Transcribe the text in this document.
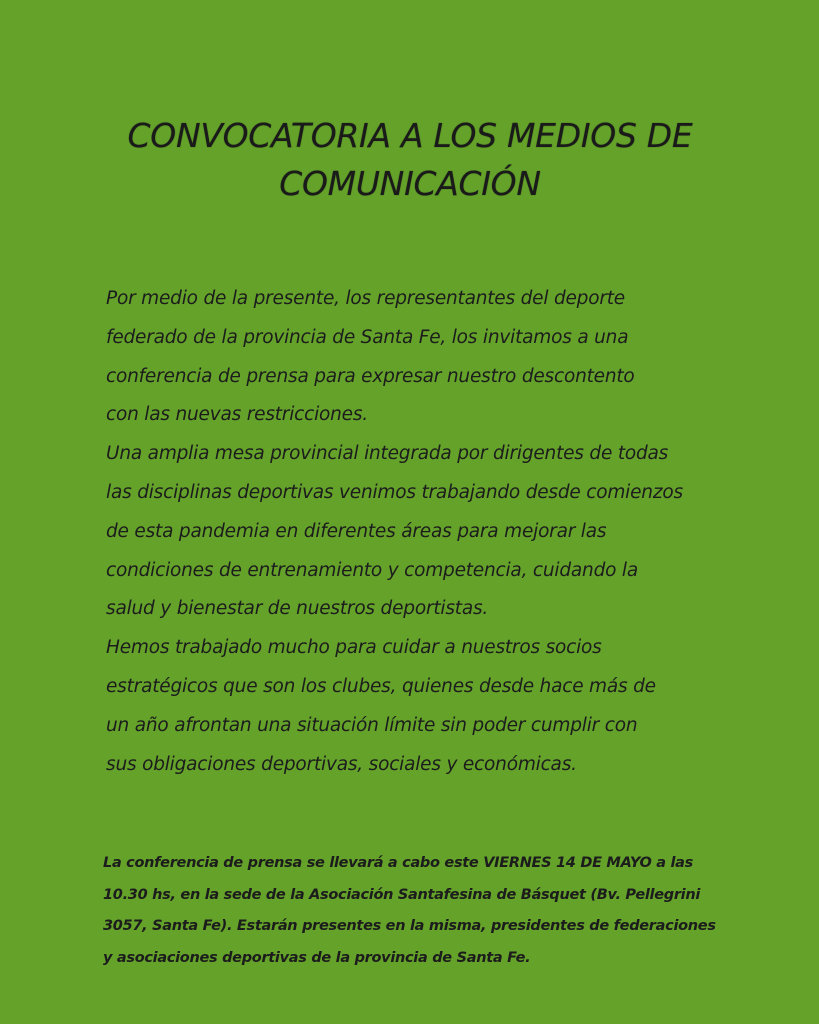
CONVOCATORIA A LOS MEDIOS DE
COMUNICACIÓN
Por medio de la presente, los representantes del deporte
federado de la provincia de Santa Fe, los invitamos a una
conferencia de prensa para expresar nuestro descontento
con las nuevas restricciones.
Una amplia mesa provincial integrada por dirigentes de todas
las disciplinas deportivas venimos trabajando desde comienzos
de esta pandemia en diferentes áreas para mejorar las
condiciones de entrenamiento y competencia, cuidando la
salud y bienestar de nuestros deportistas.
Hemos trabajado mucho para cuidar a nuestros socios
estratégicos que son los clubes, quienes desde hace más de
un año afrontan una situación límite sin poder cumplir con
sus obligaciones deportivas, sociales y económicas.
La conferencia de prensa se llevará a cabo este VIERNES 14 DE MAYO a las
10.30 hs, en la sede de la Asociación Santafesina de Básquet (Bv. Pellegrini
3057, Santa Fe). Estarán presentes en la misma, presidentes de federaciones
y asociaciones deportivas de la provincia de Santa Fe.
